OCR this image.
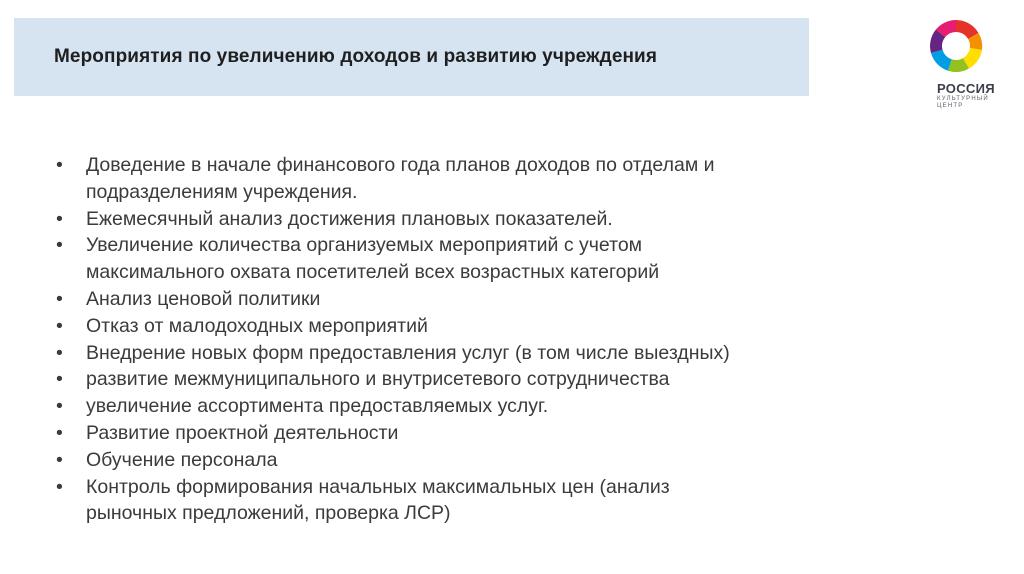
Мероприятия по увеличению доходов и развитию учреждения
РОССИЯ
КУЛЬТУРНЫЙ
ЦЕНТР
• Доведение в начале финансового года планов доходов по отделам и
подразделениям учреждения.
• Ежемесячный анализ достижения плановых показателей.
• Увеличение количества организуемых мероприятий с учетом
максимального охвата посетителей всех возрастных категорий
• Анализ ценовой политики
• Отказ от малодоходных мероприятий
• Внедрение новых форм предоставления услуг (в том числе выездных)
• развитие межмуниципального и внутрисетевого сотрудничества
• увеличение ассортимента предоставляемых услуг.
• Развитие проектной деятельности
• Обучение персонала
• Контроль формирования начальных максимальных цен (анализ
рыночных предложений, проверка ЛСР)
